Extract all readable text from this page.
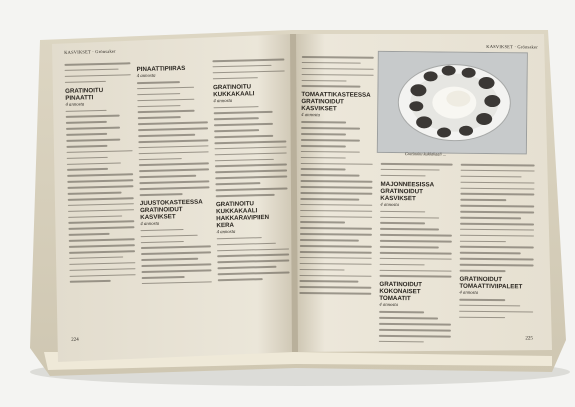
KASVIKSET · Grönsaker
GRATINOITU PINAATTI
4 annosta
PINAATTIPIIRAS
4 annosta
JUUSTOKASTEESSA GRATINOIDUT KASVIKSET
4 annosta
GRATINOITU KUKKAKAALI
4 annosta
GRATINOITU KUKKAKAALI HAKKARAVIPIIEN KERA
4 annosta
224
KASVIKSET · Grönsaker
Gratinoitu kukkakaali ...
TOMAATTIKASTEESSA GRATINOIDUT KASVIKSET
4 annosta
MAJONNEESISSA GRATINOIDUT KASVIKSET
4 annosta
GRATINOIDUT KOKONAISET TOMAATIT
4 annosta
GRATINOIDUT TOMAATTIVIIPALEET
4 annosta
225
